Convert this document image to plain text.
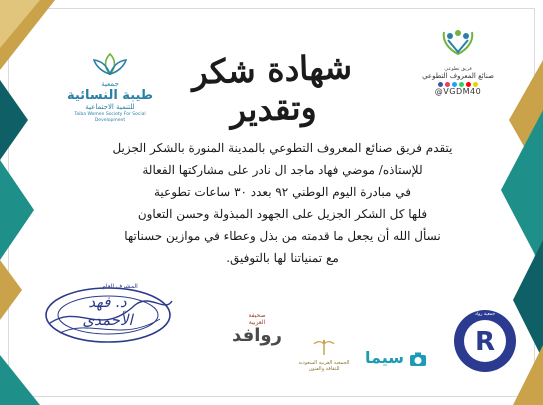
شهادة شكر وتقدير
جمعية
طيبة النسائية
للتنمية الاجتماعية
Taiba Women Society For Social Development
فريق تطوعي
صنائع المعروف التطوعي
@VGDM40
يتقدم فريق صنائع المعروف التطوعي بالمدينة المنورة بالشكر الجزيل
للإستاذه/ موضي فهاد ماجد ال نادر على مشاركتها الفعالة
في مبادرة اليوم الوطني ٩٢ بعدد ٣٠ ساعات تطوعية
فلها كل الشكر الجزيل على الجهود المبذولة وحسن التعاون
نسأل الله أن يجعل ما قدمته من بذل وعطاء في موازين حسناتها
مع تمنياتنا لها بالتوفيق.
المشرف العام
د. فهد الأحمدي	صحيفة
العربية
روافد
الجمعية العربية السعودية للثقافة والفنون
سيما
R
جمعية رواد
